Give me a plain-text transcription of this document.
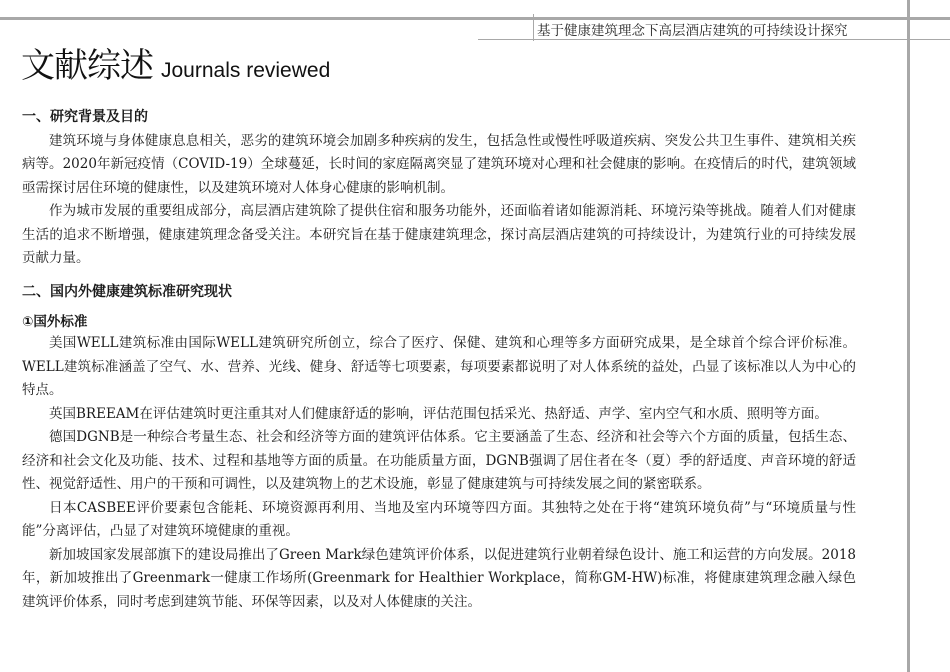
基于健康建筑理念下高层酒店建筑的可持续设计探究
文献综述 Journals reviewed
一、研究背景及目的

建筑环境与身体健康息息相关，恶劣的建筑环境会加剧多种疾病的发生，包括急性或慢性呼吸道疾病、突发公共卫生事件、建筑相关疾病等。2020年新冠疫情（COVID-19）全球蔓延，长时间的家庭隔离突显了建筑环境对心理和社会健康的影响。在疫情后的时代，建筑领域亟需探讨居住环境的健康性，以及建筑环境对人体身心健康的影响机制。

作为城市发展的重要组成部分，高层酒店建筑除了提供住宿和服务功能外，还面临着诸如能源消耗、环境污染等挑战。随着人们对健康生活的追求不断增强，健康建筑理念备受关注。本研究旨在基于健康建筑理念，探讨高层酒店建筑的可持续设计，为建筑行业的可持续发展贡献力量。

二、国内外健康建筑标准研究现状
①国外标准

美国WELL建筑标准由国际WELL建筑研究所创立，综合了医疗、保健、建筑和心理等多方面研究成果，是全球首个综合评价标准。WELL建筑标准涵盖了空气、水、营养、光线、健身、舒适等七项要素，每项要素都说明了对人体系统的益处，凸显了该标准以人为中心的特点。

英国BREEAM在评估建筑时更注重其对人们健康舒适的影响，评估范围包括采光、热舒适、声学、室内空气和水质、照明等方面。

德国DGNB是一种综合考量生态、社会和经济等方面的建筑评估体系。它主要涵盖了生态、经济和社会等六个方面的质量，包括生态、经济和社会文化及功能、技术、过程和基地等方面的质量。在功能质量方面，DGNB强调了居住者在冬（夏）季的舒适度、声音环境的舒适性、视觉舒适性、用户的干预和可调性，以及建筑物上的艺术设施，彰显了健康建筑与可持续发展之间的紧密联系。

日本CASBEE评价要素包含能耗、环境资源再利用、当地及室内环境等四方面。其独特之处在于将“建筑环境负荷”与“环境质量与性能”分离评估，凸显了对建筑环境健康的重视。

新加坡国家发展部旗下的建设局推出了Green Mark绿色建筑评价体系，以促进建筑行业朝着绿色设计、施工和运营的方向发展。2018年，新加坡推出了Greenmark一健康工作场所(Greenmark for Healthier Workplace，简称GM-HW)标准，将健康建筑理念融入绿色建筑评价体系，同时考虑到建筑节能、环保等因素，以及对人体健康的关注。
